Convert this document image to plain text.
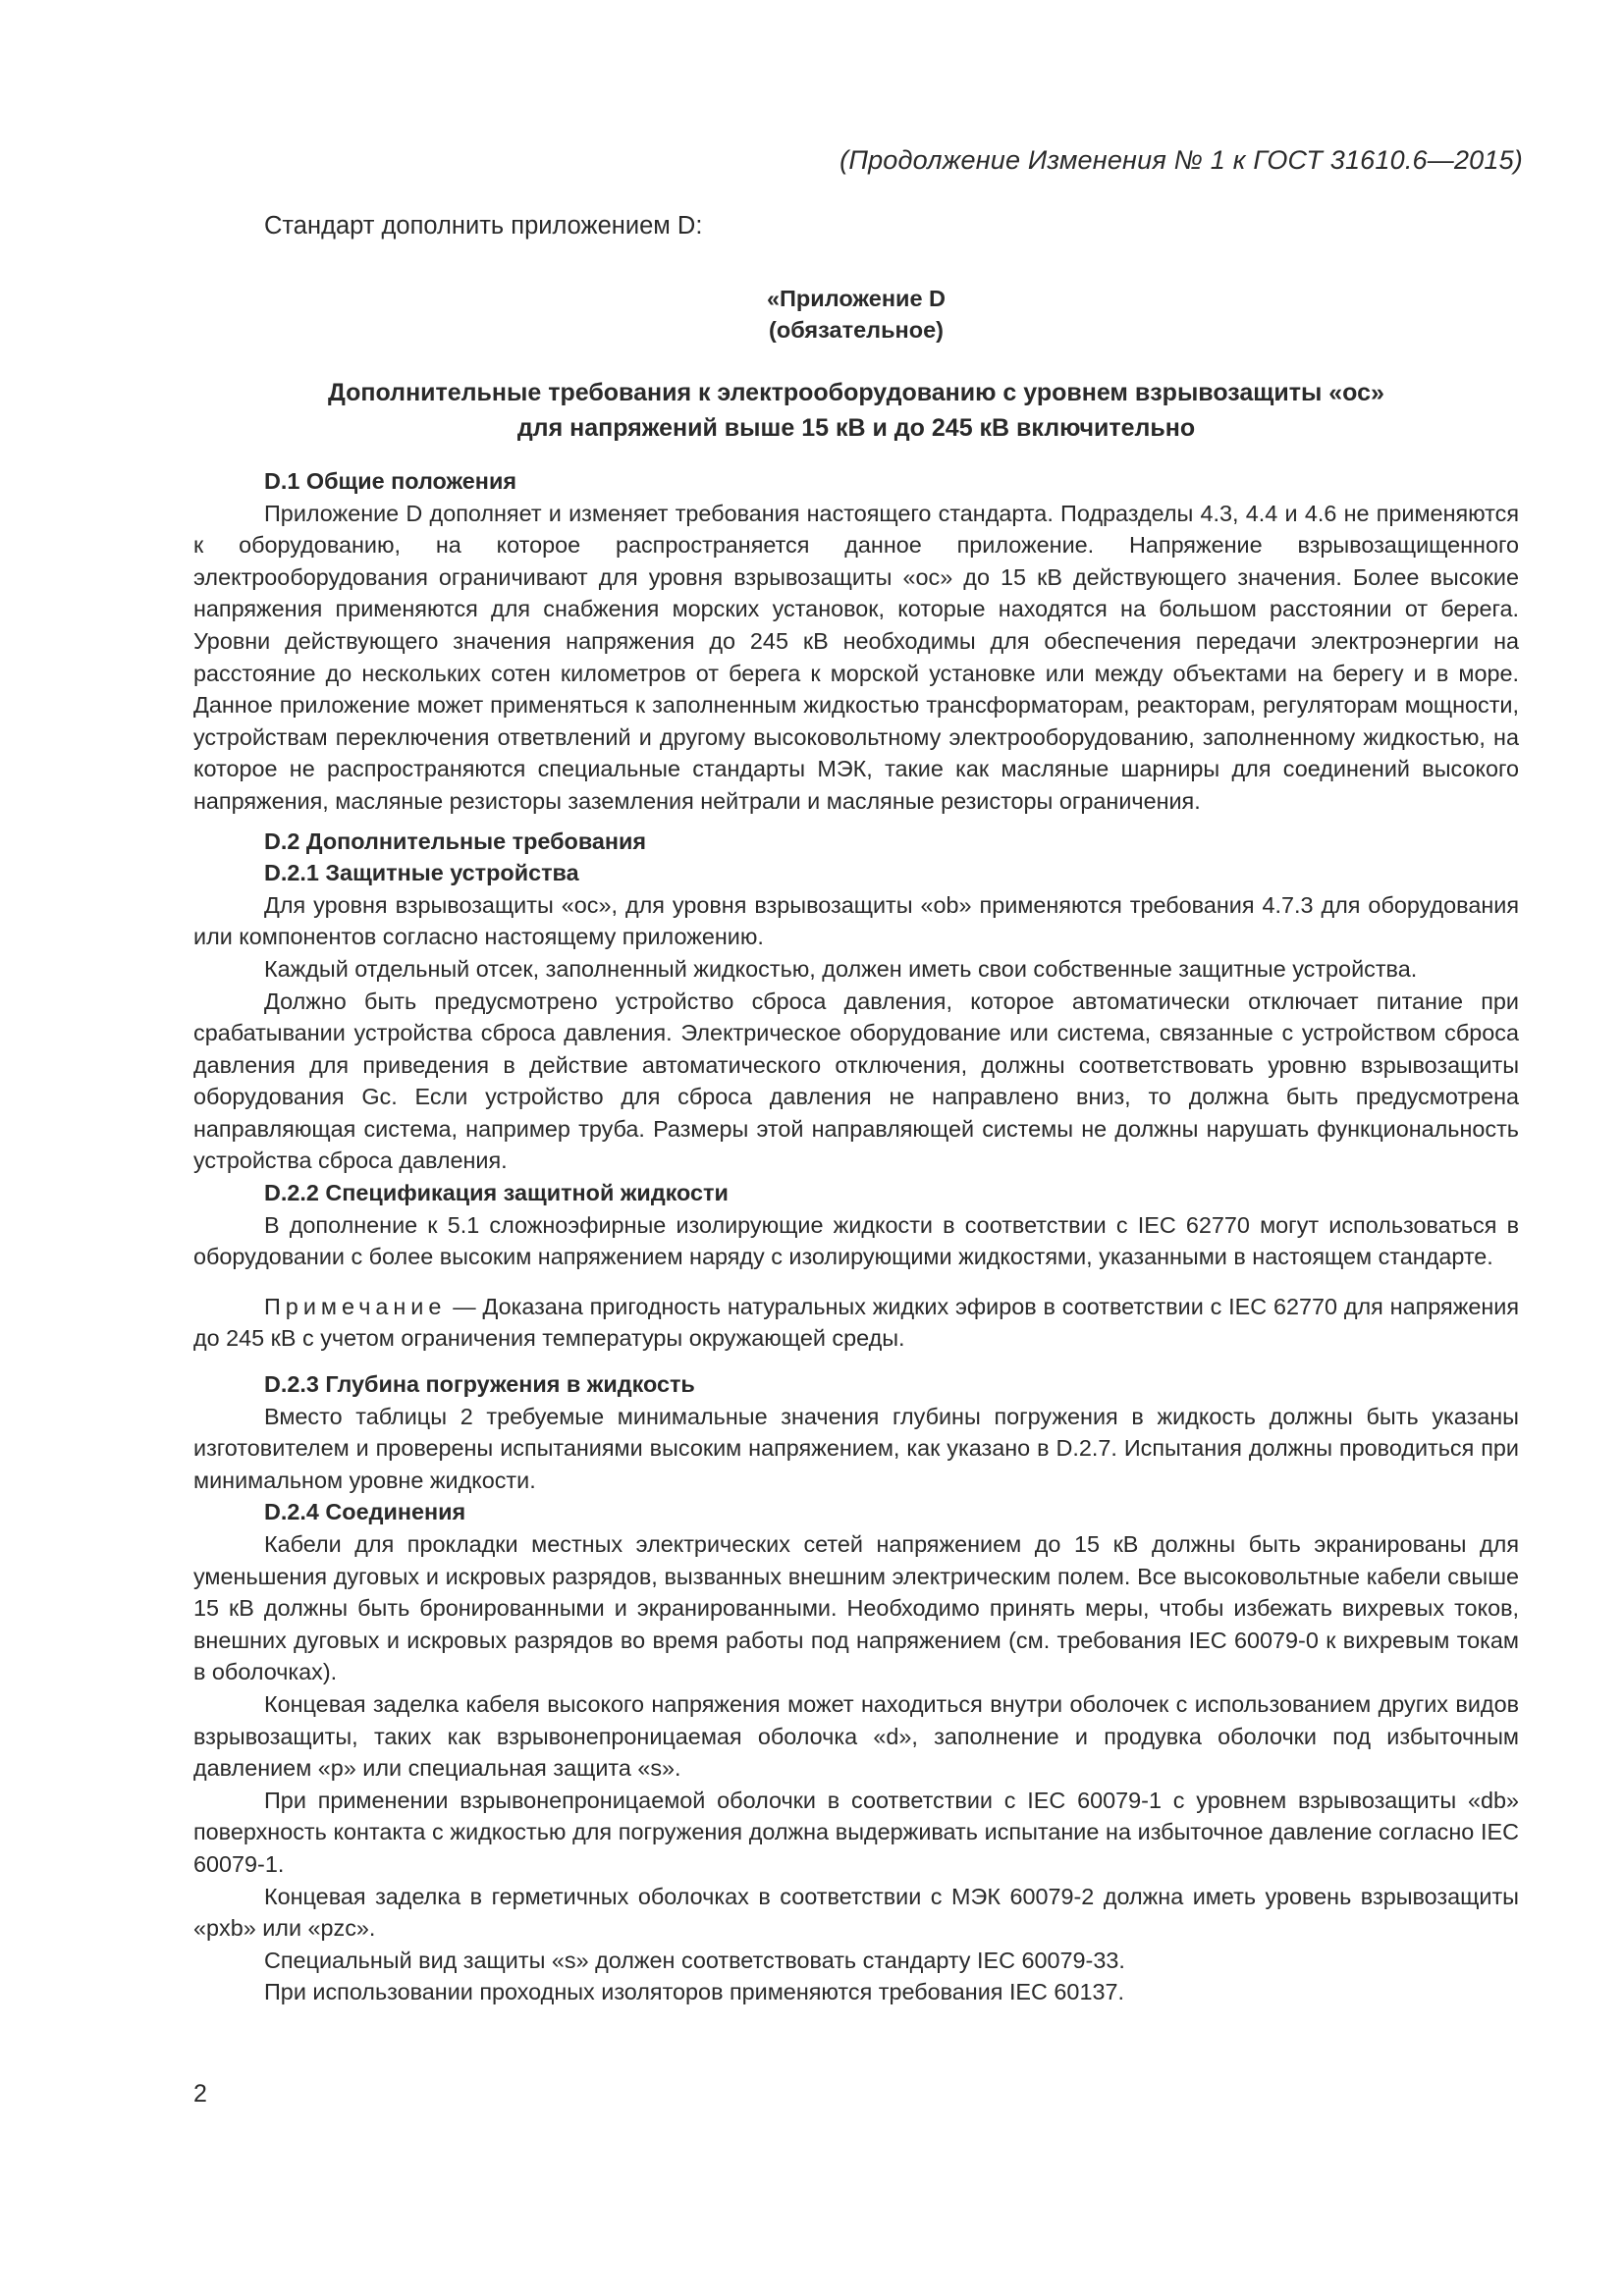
(Продолжение Изменения № 1 к ГОСТ 31610.6—2015)

Стандарт дополнить приложением D:

«Приложение D
(обязательное)
Дополнительные требования к электрооборудованию с уровнем взрывозащиты «ос»
для напряжений выше 15 кВ и до 245 кВ включительно
D.1 Общие положения

Приложение D дополняет и изменяет требования настоящего стандарта. Подразделы 4.3, 4.4 и 4.6 не применяются к оборудованию, на которое распространяется данное приложение. Напряжение взрывозащищенного электрооборудования ограничивают для уровня взрывозащиты «ос» до 15 кВ действующего значения. Более высокие напряжения применяются для снабжения морских установок, которые находятся на большом расстоянии от берега. Уровни действующего значения напряжения до 245 кВ необходимы для обеспечения передачи электроэнергии на расстояние до нескольких сотен километров от берега к морской установке или между объектами на берегу и в море. Данное приложение может применяться к заполненным жидкостью трансформаторам, реакторам, регуляторам мощности, устройствам переключения ответвлений и другому высоковольтному электрооборудованию, заполненному жидкостью, на которое не распространяются специальные стандарты МЭК, такие как масляные шарниры для соединений высокого напряжения, масляные резисторы заземления нейтрали и масляные резисторы ограничения.

D.2 Дополнительные требования
D.2.1 Защитные устройства

Для уровня взрывозащиты «ос», для уровня взрывозащиты «ob» применяются требования 4.7.3 для оборудования или компонентов согласно настоящему приложению.

Каждый отдельный отсек, заполненный жидкостью, должен иметь свои собственные защитные устройства.

Должно быть предусмотрено устройство сброса давления, которое автоматически отключает питание при срабатывании устройства сброса давления. Электрическое оборудование или система, связанные с устройством сброса давления для приведения в действие автоматического отключения, должны соответствовать уровню взрывозащиты оборудования Gc. Если устройство для сброса давления не направлено вниз, то должна быть предусмотрена направляющая система, например труба. Размеры этой направляющей системы не должны нарушать функциональность устройства сброса давления.

D.2.2 Спецификация защитной жидкости

В дополнение к 5.1 сложноэфирные изолирующие жидкости в соответствии с IEC 62770 могут использоваться в оборудовании с более высоким напряжением наряду с изолирующими жидкостями, указанными в настоящем стандарте.

Примечание — Доказана пригодность натуральных жидких эфиров в соответствии с IEC 62770 для напряжения до 245 кВ с учетом ограничения температуры окружающей среды.

D.2.3 Глубина погружения в жидкость

Вместо таблицы 2 требуемые минимальные значения глубины погружения в жидкость должны быть указаны изготовителем и проверены испытаниями высоким напряжением, как указано в D.2.7. Испытания должны проводиться при минимальном уровне жидкости.

D.2.4 Соединения

Кабели для прокладки местных электрических сетей напряжением до 15 кВ должны быть экранированы для уменьшения дуговых и искровых разрядов, вызванных внешним электрическим полем. Все высоковольтные кабели свыше 15 кВ должны быть бронированными и экранированными. Необходимо принять меры, чтобы избежать вихревых токов, внешних дуговых и искровых разрядов во время работы под напряжением (см. требования IEC 60079-0 к вихревым токам в оболочках).

Концевая заделка кабеля высокого напряжения может находиться внутри оболочек с использованием других видов взрывозащиты, таких как взрывонепроницаемая оболочка «d», заполнение и продувка оболочки под избыточным давлением «р» или специальная защита «s».

При применении взрывонепроницаемой оболочки в соответствии с IEC 60079-1 с уровнем взрывозащиты «db» поверхность контакта с жидкостью для погружения должна выдерживать испытание на избыточное давление согласно IEC 60079-1.

Концевая заделка в герметичных оболочках в соответствии с МЭК 60079-2 должна иметь уровень взрывозащиты «pxb» или «pzc».

Специальный вид защиты «s» должен соответствовать стандарту IEC 60079-33.

При использовании проходных изоляторов применяются требования IEC 60137.

2
